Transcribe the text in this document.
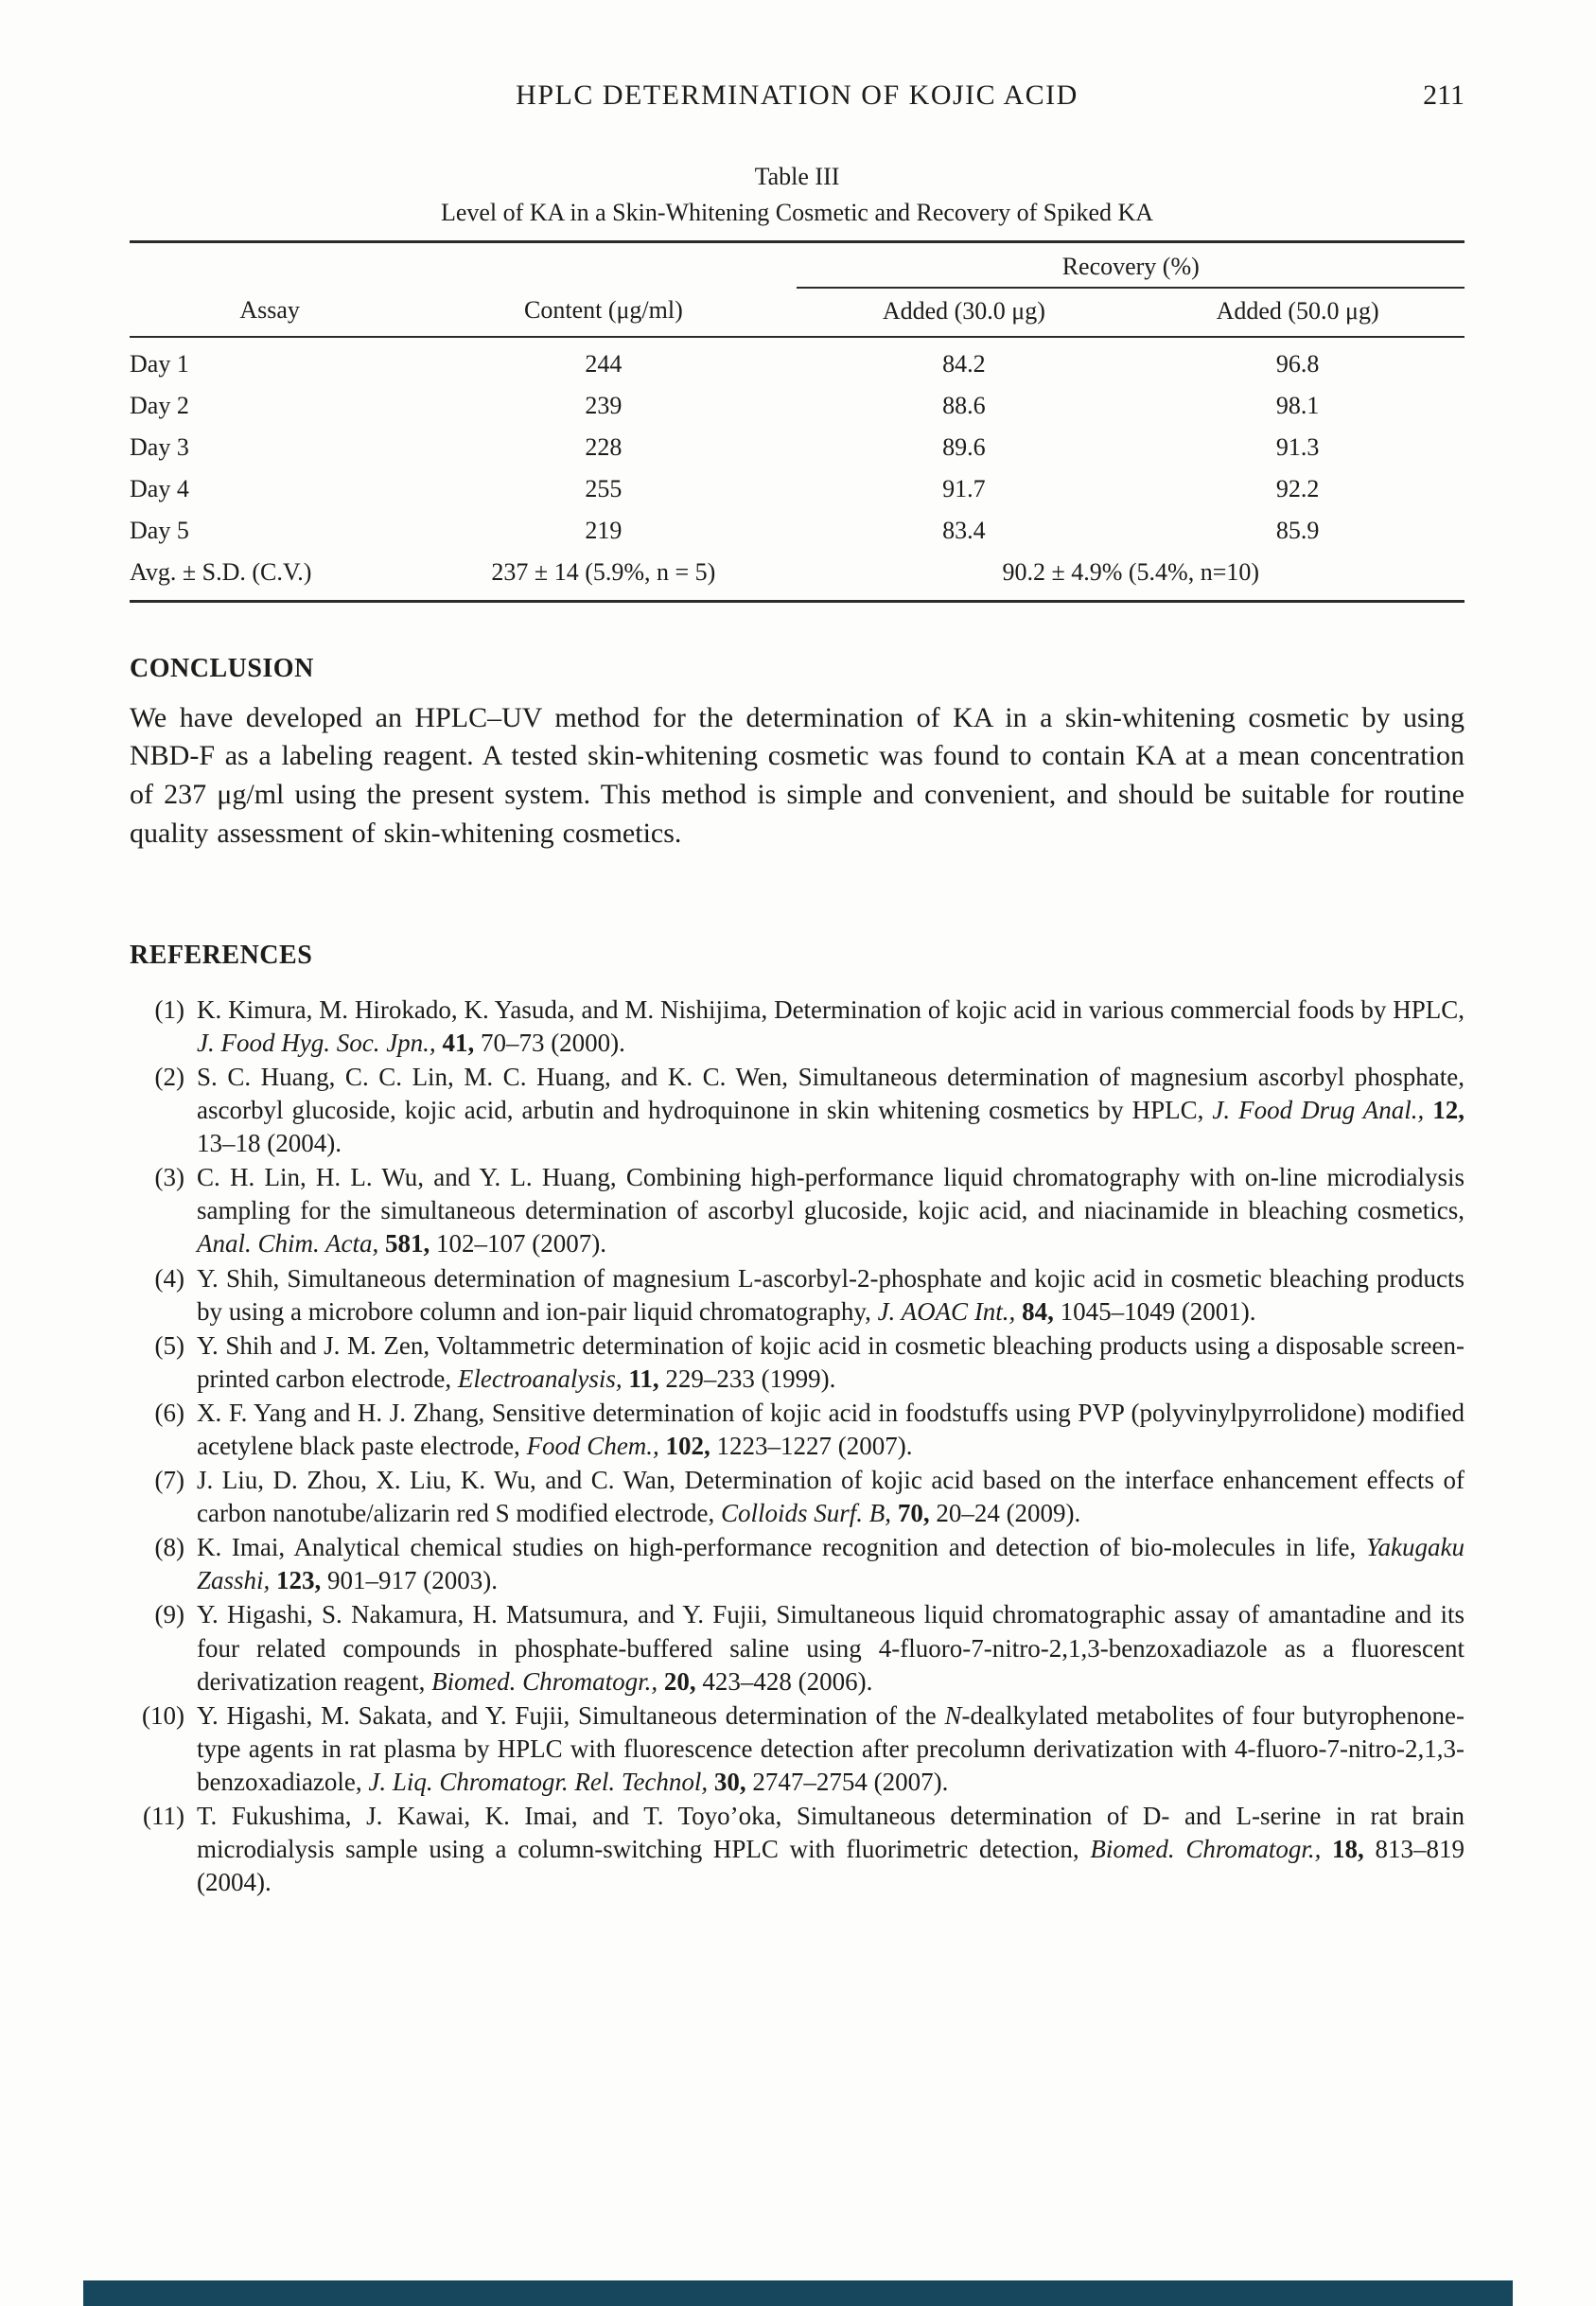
HPLC DETERMINATION OF KOJIC ACID	211
Table III
Level of KA in a Skin-Whitening Cosmetic and Recovery of Spiked KA
		Recovery (%)	
Assay	Content (μg/ml)	Added (30.0 μg)	Added (50.0 μg)
Day 1	244	84.2	96.8
Day 2	239	88.6	98.1
Day 3	228	89.6	91.3
Day 4	255	91.7	92.2
Day 5	219	83.4	85.9
Avg. ± S.D. (C.V.)	237 ± 14 (5.9%, n = 5)	90.2 ± 4.9% (5.4%, n=10)	
CONCLUSION

We have developed an HPLC–UV method for the determination of KA in a skin-whitening cosmetic by using NBD-F as a labeling reagent. A tested skin-whitening cosmetic was found to contain KA at a mean concentration of 237 μg/ml using the present system. This method is simple and convenient, and should be suitable for routine quality assessment of skin-whitening cosmetics.

REFERENCES
(1) K. Kimura, M. Hirokado, K. Yasuda, and M. Nishijima, Determination of kojic acid in various commercial foods by HPLC, J. Food Hyg. Soc. Jpn., 41, 70–73 (2000).
(2) S. C. Huang, C. C. Lin, M. C. Huang, and K. C. Wen, Simultaneous determination of magnesium ascorbyl phosphate, ascorbyl glucoside, kojic acid, arbutin and hydroquinone in skin whitening cosmetics by HPLC, J. Food Drug Anal., 12, 13–18 (2004).
(3) C. H. Lin, H. L. Wu, and Y. L. Huang, Combining high-performance liquid chromatography with on-line microdialysis sampling for the simultaneous determination of ascorbyl glucoside, kojic acid, and niacinamide in bleaching cosmetics, Anal. Chim. Acta, 581, 102–107 (2007).
(4) Y. Shih, Simultaneous determination of magnesium L-ascorbyl-2-phosphate and kojic acid in cosmetic bleaching products by using a microbore column and ion-pair liquid chromatography, J. AOAC Int., 84, 1045–1049 (2001).
(5) Y. Shih and J. M. Zen, Voltammetric determination of kojic acid in cosmetic bleaching products using a disposable screen-printed carbon electrode, Electroanalysis, 11, 229–233 (1999).
(6) X. F. Yang and H. J. Zhang, Sensitive determination of kojic acid in foodstuffs using PVP (polyvinylpyrrolidone) modified acetylene black paste electrode, Food Chem., 102, 1223–1227 (2007).
(7) J. Liu, D. Zhou, X. Liu, K. Wu, and C. Wan, Determination of kojic acid based on the interface enhancement effects of carbon nanotube/alizarin red S modified electrode, Colloids Surf. B, 70, 20–24 (2009).
(8) K. Imai, Analytical chemical studies on high-performance recognition and detection of bio-molecules in life, Yakugaku Zasshi, 123, 901–917 (2003).
(9) Y. Higashi, S. Nakamura, H. Matsumura, and Y. Fujii, Simultaneous liquid chromatographic assay of amantadine and its four related compounds in phosphate-buffered saline using 4-fluoro-7-nitro-2,1,3-benzoxadiazole as a fluorescent derivatization reagent, Biomed. Chromatogr., 20, 423–428 (2006).
(10) Y. Higashi, M. Sakata, and Y. Fujii, Simultaneous determination of the N-dealkylated metabolites of four butyrophenone-type agents in rat plasma by HPLC with fluorescence detection after precolumn derivatization with 4-fluoro-7-nitro-2,1,3-benzoxadiazole, J. Liq. Chromatogr. Rel. Technol, 30, 2747–2754 (2007).
(11) T. Fukushima, J. Kawai, K. Imai, and T. Toyo’oka, Simultaneous determination of D- and L-serine in rat brain microdialysis sample using a column-switching HPLC with fluorimetric detection, Biomed. Chromatogr., 18, 813–819 (2004).
